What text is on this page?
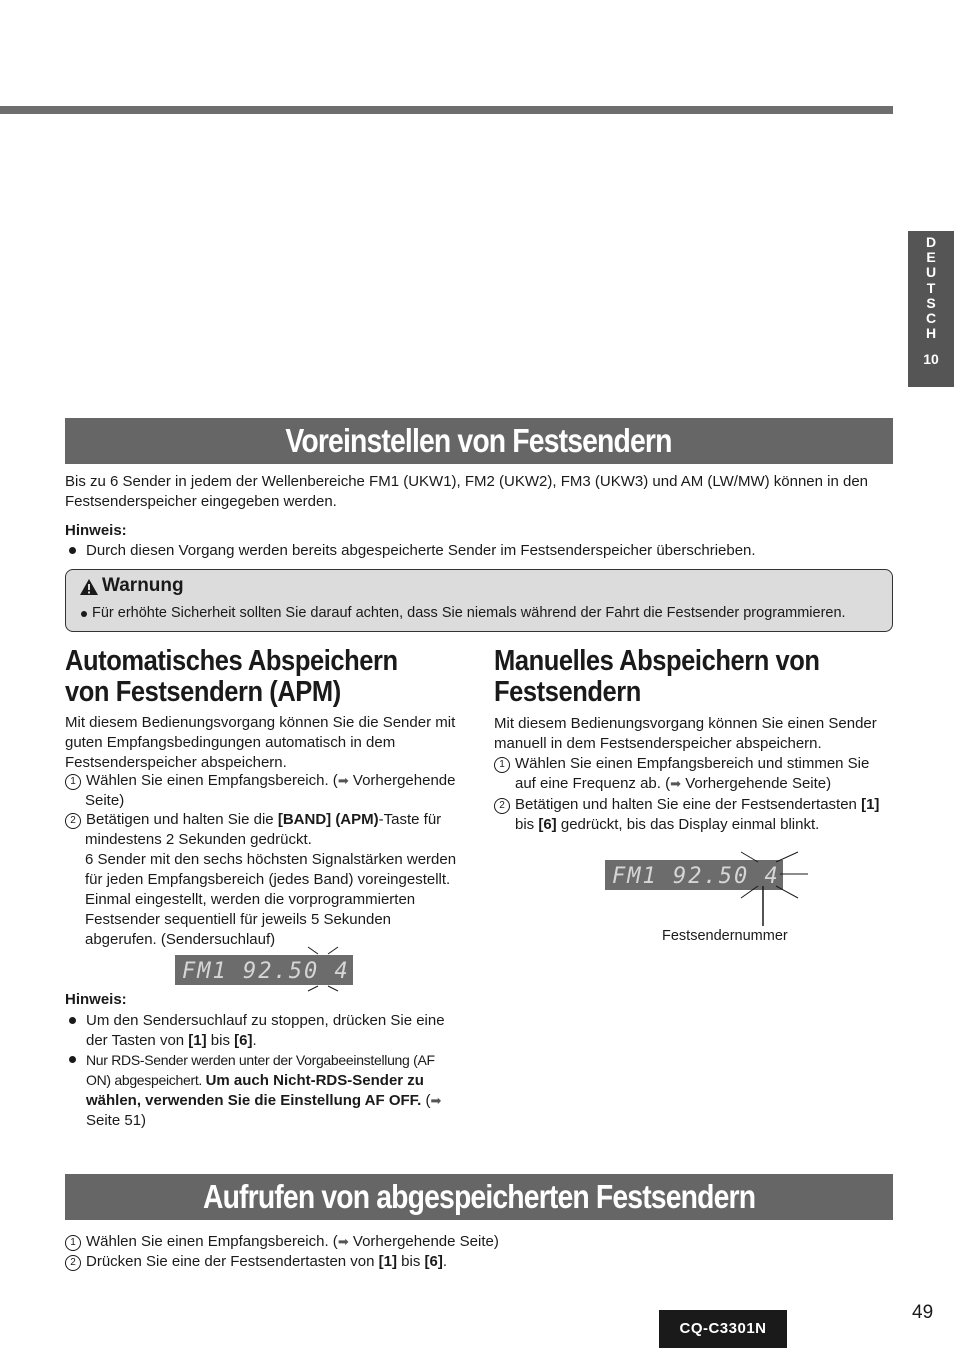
D
E
U
T
S
C
H
10
Voreinstellen von Festsendern
Bis zu 6 Sender in jedem der Wellenbereiche FM1 (UKW1), FM2 (UKW2), FM3 (UKW3) und AM (LW/MW) können in den
Festsenderspeicher eingegeben werden.
Hinweis:
Durch diesen Vorgang werden bereits abgespeicherte Sender im Festsenderspeicher überschrieben.
Warnung
Für erhöhte Sicherheit sollten Sie darauf achten, dass Sie niemals während der Fahrt die Festsender programmieren.
Automatisches Abspeichern
von Festsendern (APM)
Mit diesem Bedienungsvorgang können Sie die Sender mit
guten Empfangsbedingungen automatisch in dem
Festsenderspeicher abspeichern.
1 Wählen Sie einen Empfangsbereich. (➡ Vorhergehende
Seite)
2 Betätigen und halten Sie die [BAND] (APM)-Taste für
mindestens 2 Sekunden gedrückt.
6 Sender mit den sechs höchsten Signalstärken werden
für jeden Empfangsbereich (jedes Band) voreingestellt.
Einmal eingestellt, werden die vorprogrammierten
Festsender sequentiell für jeweils 5 Sekunden
abgerufen. (Sendersuchlauf)
FM1 92.50 4
Hinweis:
Um den Sendersuchlauf zu stoppen, drücken Sie eine
der Tasten von [1] bis [6].
Nur RDS-Sender werden unter der Vorgabeeinstellung (AF
ON) abgespeichert. Um auch Nicht-RDS-Sender zu
wählen, verwenden Sie die Einstellung AF OFF. (➡
Seite 51)
Manuelles Abspeichern von
Festsendern
Mit diesem Bedienungsvorgang können Sie einen Sender
manuell in dem Festsenderspeicher abspeichern.
1 Wählen Sie einen Empfangsbereich und stimmen Sie
auf eine Frequenz ab. (➡ Vorhergehende Seite)
2 Betätigen und halten Sie eine der Festsendertasten [1]
bis [6] gedrückt, bis das Display einmal blinkt.
FM1 92.50 4
Festsendernummer
Aufrufen von abgespeicherten Festsendern
1 Wählen Sie einen Empfangsbereich. (➡ Vorhergehende Seite)
2 Drücken Sie eine der Festsendertasten von [1] bis [6].
CQ-C3301N
49
